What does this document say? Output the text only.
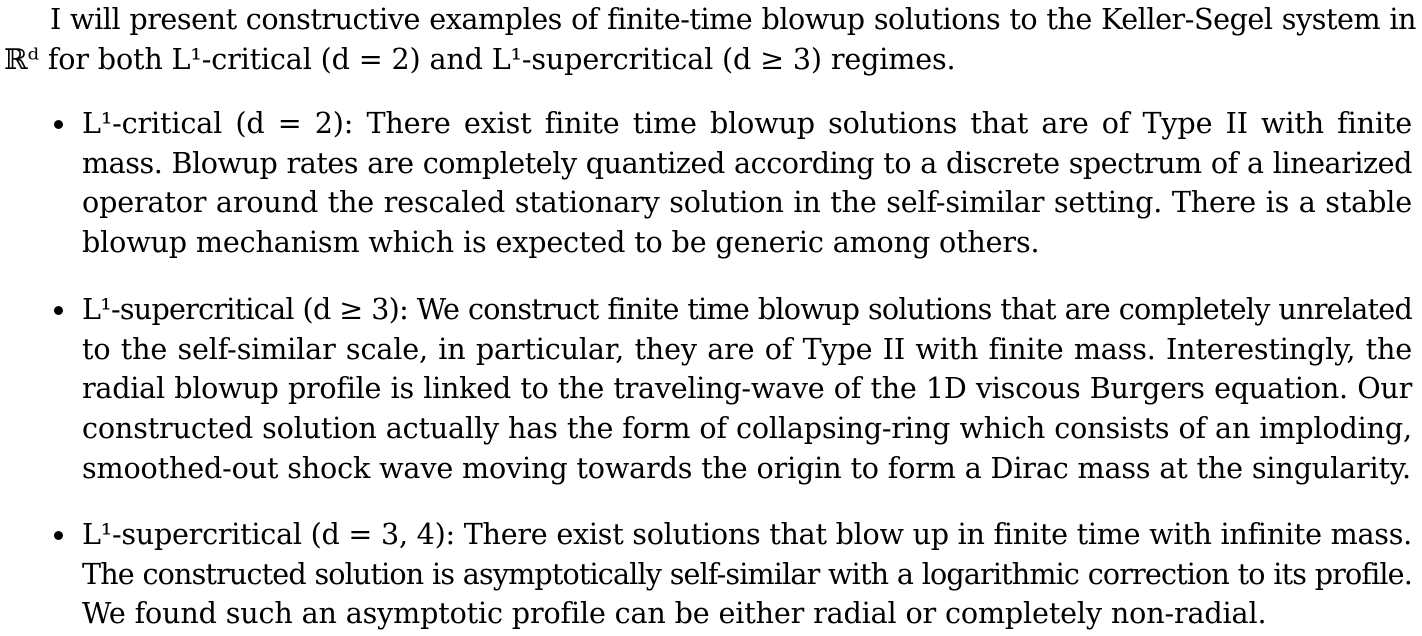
I will present constructive examples of finite-time blowup solutions to the Keller-Segel system in
ℝᵈ for both L¹-critical (d = 2) and L¹-supercritical (d ≥ 3) regimes.
L¹-critical (d = 2): There exist finite time blowup solutions that are of Type II with finite
mass. Blowup rates are completely quantized according to a discrete spectrum of a linearized
operator around the rescaled stationary solution in the self-similar setting. There is a stable
blowup mechanism which is expected to be generic among others.
L¹-supercritical (d ≥ 3): We construct finite time blowup solutions that are completely unrelated
to the self-similar scale, in particular, they are of Type II with finite mass. Interestingly, the
radial blowup profile is linked to the traveling-wave of the 1D viscous Burgers equation. Our
constructed solution actually has the form of collapsing-ring which consists of an imploding,
smoothed-out shock wave moving towards the origin to form a Dirac mass at the singularity.
L¹-supercritical (d = 3, 4): There exist solutions that blow up in finite time with infinite mass.
The constructed solution is asymptotically self-similar with a logarithmic correction to its profile.
We found such an asymptotic profile can be either radial or completely non-radial.
